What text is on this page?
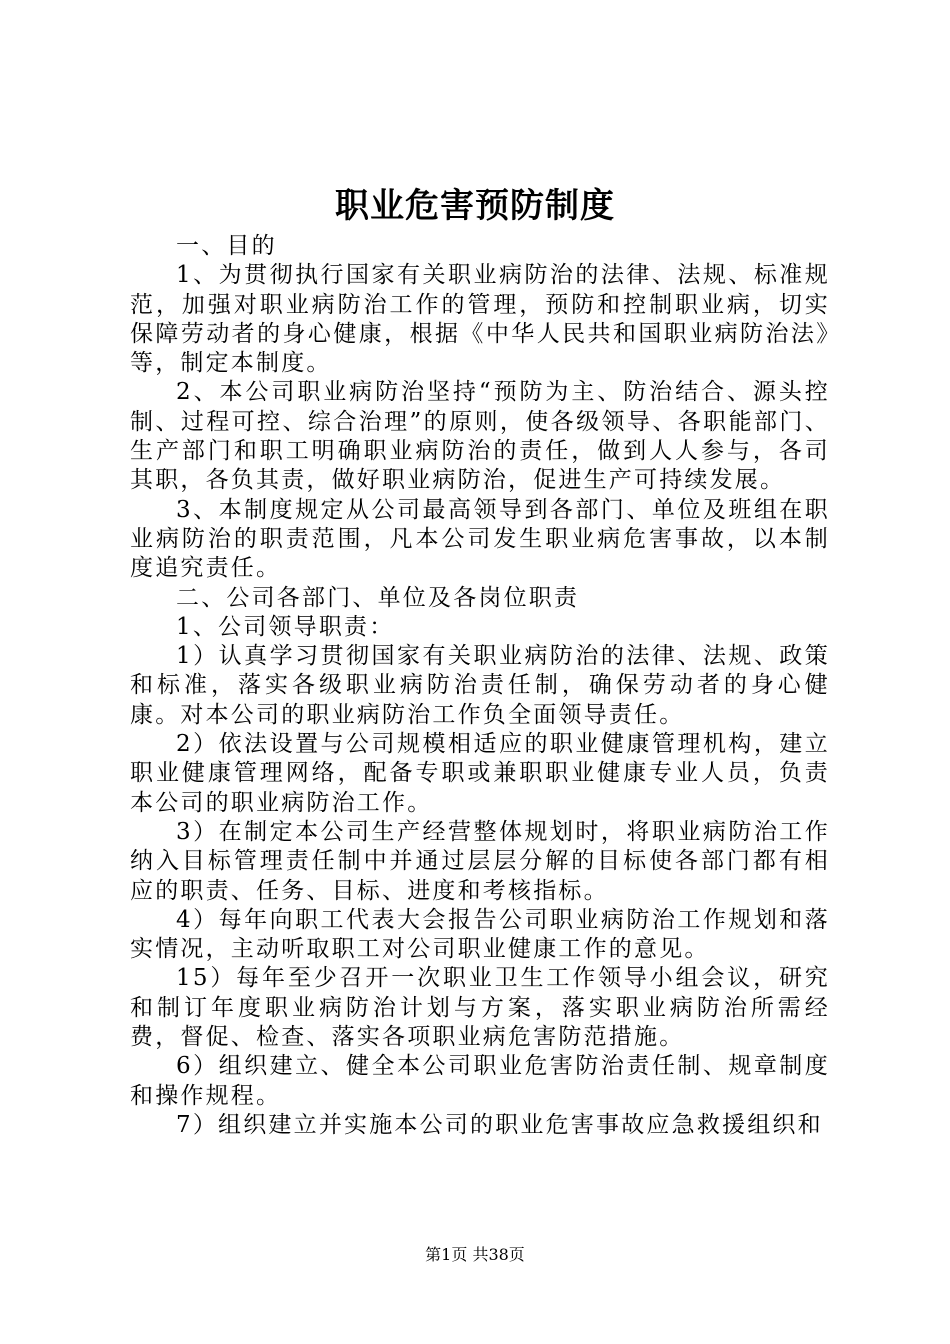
职业危害预防制度

一、目的

1、为贯彻执行国家有关职业病防治的法律、法规、标准规范，加强对职业病防治工作的管理，预防和控制职业病，切实保障劳动者的身心健康，根据《中华人民共和国职业病防治法》等，制定本制度。

2、本公司职业病防治坚持“预防为主、防治结合、源头控制、过程可控、综合治理”的原则，使各级领导、各职能部门、生产部门和职工明确职业病防治的责任，做到人人参与，各司其职，各负其责，做好职业病防治，促进生产可持续发展。

3、本制度规定从公司最高领导到各部门、单位及班组在职业病防治的职责范围，凡本公司发生职业病危害事故，以本制度追究责任。

二、公司各部门、单位及各岗位职责

1、公司领导职责：

1）认真学习贯彻国家有关职业病防治的法律、法规、政策和标准，落实各级职业病防治责任制，确保劳动者的身心健康。对本公司的职业病防治工作负全面领导责任。

2）依法设置与公司规模相适应的职业健康管理机构，建立职业健康管理网络，配备专职或兼职职业健康专业人员，负责本公司的职业病防治工作。

3）在制定本公司生产经营整体规划时，将职业病防治工作纳入目标管理责任制中并通过层层分解的目标使各部门都有相应的职责、任务、目标、进度和考核指标。

4）每年向职工代表大会报告公司职业病防治工作规划和落实情况，主动听取职工对公司职业健康工作的意见。

15）每年至少召开一次职业卫生工作领导小组会议，研究和制订年度职业病防治计划与方案，落实职业病防治所需经费，督促、检查、落实各项职业病危害防范措施。

6）组织建立、健全本公司职业危害防治责任制、规章制度和操作规程。

7）组织建立并实施本公司的职业危害事故应急救援组织和

第1页 共38页
